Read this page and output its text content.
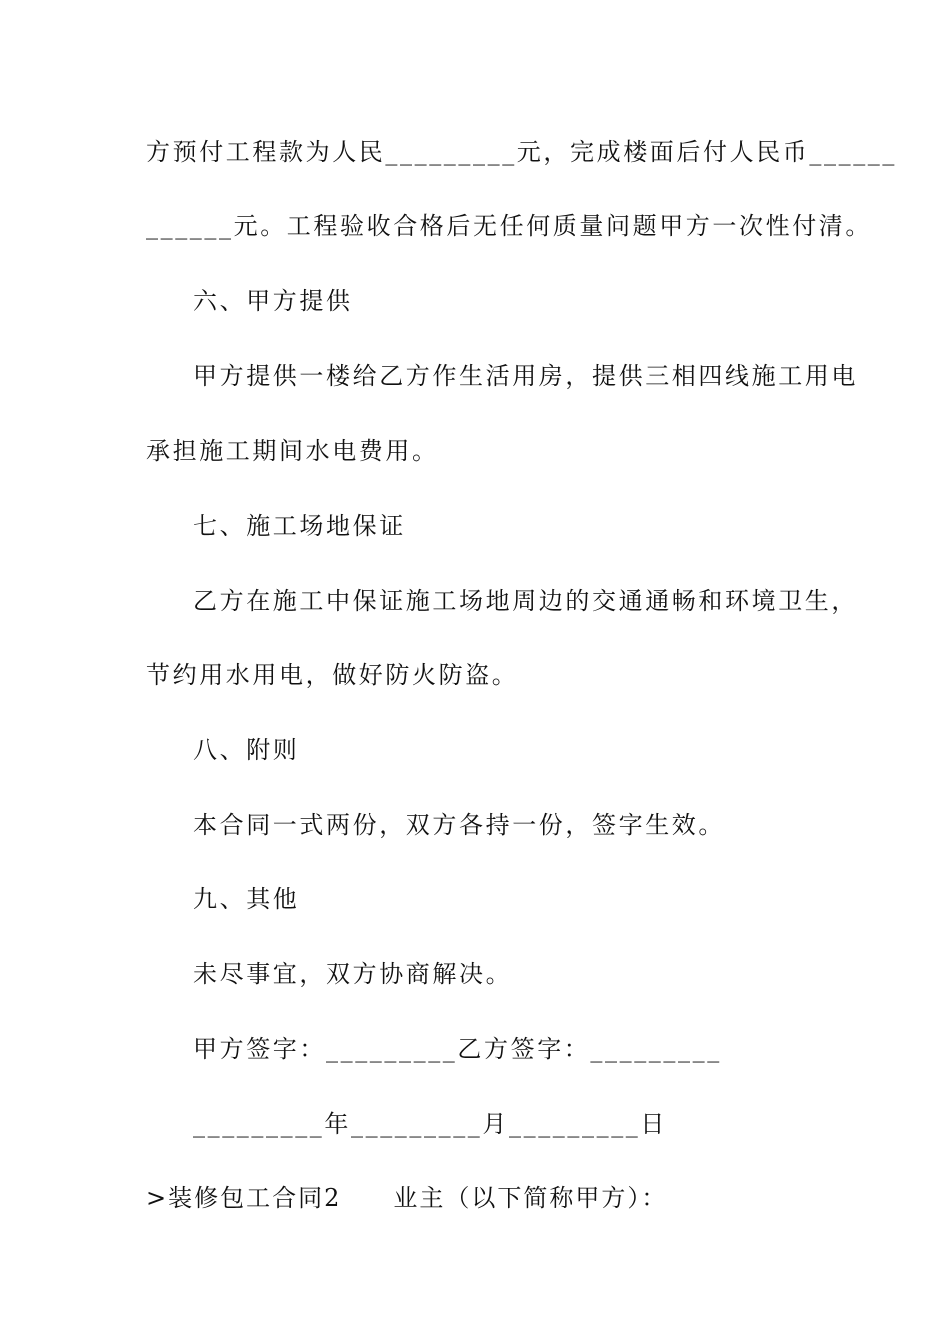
方预付工程款为人民_________元，完成楼面后付人民币______
______元。工程验收合格后无任何质量问题甲方一次性付清。
六、甲方提供
甲方提供一楼给乙方作生活用房，提供三相四线施工用电
承担施工期间水电费用。
七、施工场地保证
乙方在施工中保证施工场地周边的交通通畅和环境卫生，
节约用水用电，做好防火防盗。
八、附则
本合同一式两份，双方各持一份，签字生效。
九、其他
未尽事宜，双方协商解决。
甲方签字：_________乙方签字：_________
_________年_________月_________日
>装修包工合同2　　业主（以下简称甲方）：
